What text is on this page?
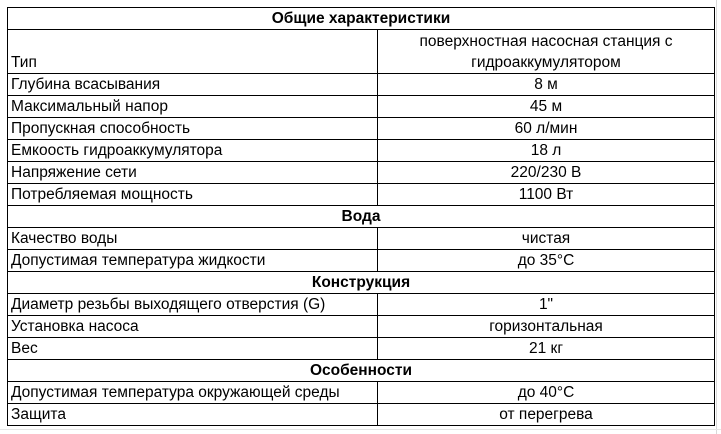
Общие характеристики	
Тип	поверхностная насосная станция с гидроаккумулятором
Глубина всасывания	8 м
Максимальный напор	45 м
Пропускная способность	60 л/мин
Емкоость гидроаккумулятора	18 л
Напряжение сети	220/230 В
Потребляемая мощность	1100 Вт
Вода	
Качество воды	чистая
Допустимая температура жидкости	до 35°С
Конструкция	
Диаметр резьбы выходящего отверстия (G)	1"
Установка насоса	горизонтальная
Вес	21 кг
Особенности	
Допустимая температура окружающей среды	до 40°С
Защита	от перегрева
